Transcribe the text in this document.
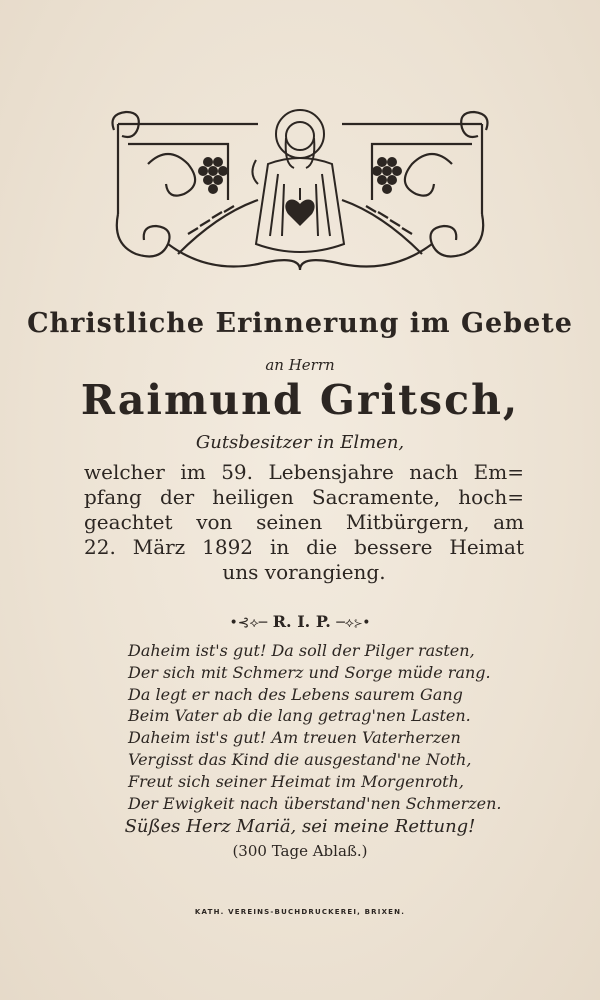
Christliche Erinnerung im Gebete
an Herrn
Raimund Gritsch,
Gutsbesitzer in Elmen,
welcher im 59. Lebensjahre nach Em=
pfang der heiligen Sacramente, hoch=
geachtet von seinen Mitbürgern, am
22. März 1892 in die bessere Heimat
uns vorangieng.
•⊰⟡─ R. I. P. ─⟡⊱•
Daheim ist's gut! Da soll der Pilger rasten,
Der sich mit Schmerz und Sorge müde rang.
Da legt er nach des Lebens saurem Gang
Beim Vater ab die lang getrag'nen Lasten.
Daheim ist's gut! Am treuen Vaterherzen
Vergisst das Kind die ausgestand'ne Noth,
Freut sich seiner Heimat im Morgenroth,
Der Ewigkeit nach überstand'nen Schmerzen.
Süßes Herz Mariä, sei meine Rettung!
(300 Tage Ablaß.)
KATH. VEREINS-BUCHDRUCKEREI, BRIXEN.
